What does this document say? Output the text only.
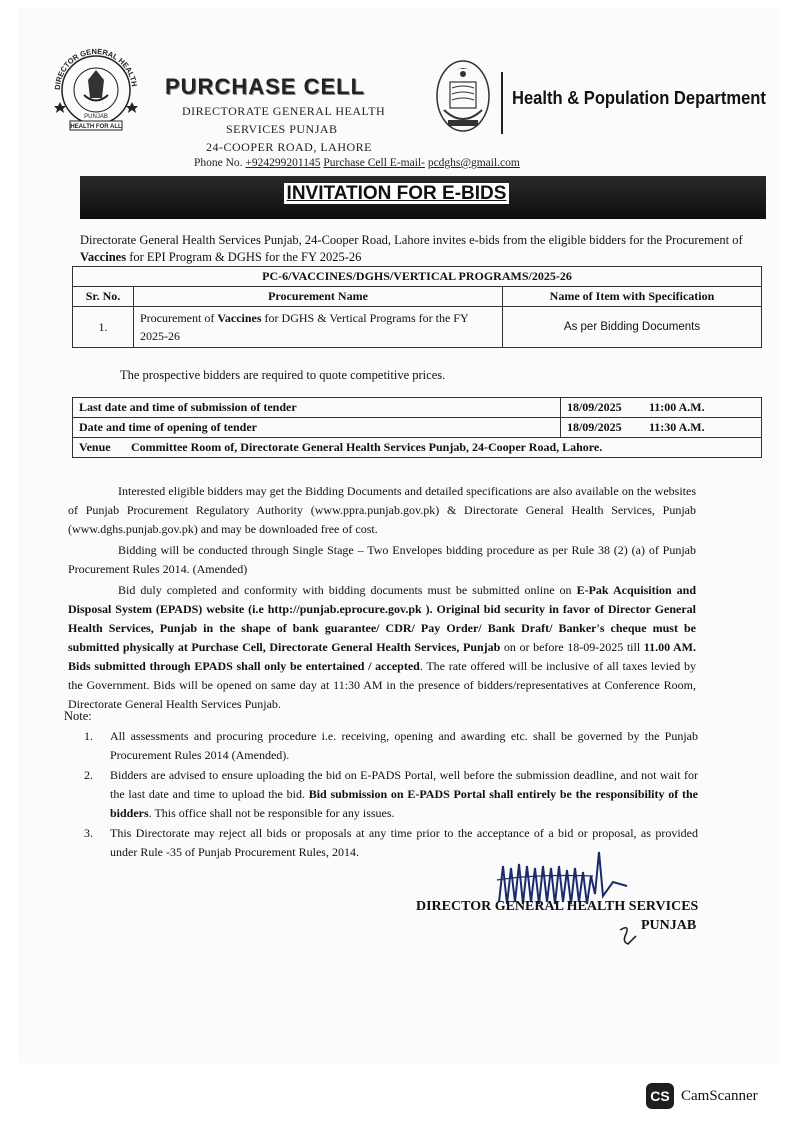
DIRECTOR GENERAL HEALTH
PUNJAB
HEALTH FOR ALL
PURCHASE CELL
DIRECTORATE GENERAL HEALTH
SERVICES PUNJAB
24-COOPER ROAD, LAHORE
Phone No. +924299201145 Purchase Cell E-mail- pcdghs@gmail.com
Health & Population Department
INVITATION FOR E-BIDS
Directorate General Health Services Punjab, 24-Cooper Road, Lahore invites e-bids from the eligible bidders for the Procurement of Vaccines for EPI Program & DGHS for the FY 2025-26
PC-6/VACCINES/DGHS/VERTICAL PROGRAMS/2025-26		
Sr. No.	Procurement Name	Name of Item with Specification
1.	Procurement of Vaccines for DGHS & Vertical Programs for the FY 2025-26	As per Bidding Documents
The prospective bidders are required to quote competitive prices.
Last date and time of submission of tender		18/09/2025	11:00 A.M.
Date and time of opening of tender		18/09/2025	11:30 A.M.
Venue	Committee Room of, Directorate General Health Services Punjab, 24-Cooper Road, Lahore.		

Interested eligible bidders may get the Bidding Documents and detailed specifications are also available on the websites of Punjab Procurement Regulatory Authority (www.ppra.punjab.gov.pk) & Directorate General Health Services, Punjab (www.dghs.punjab.gov.pk) and may be downloaded free of cost.

Bidding will be conducted through Single Stage – Two Envelopes bidding procedure as per Rule 38 (2) (a) of Punjab Procurement Rules 2014. (Amended)

Bid duly completed and conformity with bidding documents must be submitted online on E-Pak Acquisition and Disposal System (EPADS) website (i.e http://punjab.eprocure.gov.pk ). Original bid security in favor of Director General Health Services, Punjab in the shape of bank guarantee/ CDR/ Pay Order/ Bank Draft/ Banker's cheque must be submitted physically at Purchase Cell, Directorate General Health Services, Punjab on or before 18-09-2025 till 11.00 AM. Bids submitted through EPADS shall only be entertained / accepted. The rate offered will be inclusive of all taxes levied by the Government. Bids will be opened on same day at 11:30 AM in the presence of bidders/representatives at Conference Room, Directorate General Health Services Punjab.

Note:
1. All assessments and procuring procedure i.e. receiving, opening and awarding etc. shall be governed by the Punjab Procurement Rules 2014 (Amended).
2. Bidders are advised to ensure uploading the bid on E-PADS Portal, well before the submission deadline, and not wait for the last date and time to upload the bid. Bid submission on E-PADS Portal shall entirely be the responsibility of the bidders. This office shall not be responsible for any issues.
3. This Directorate may reject all bids or proposals at any time prior to the acceptance of a bid or proposal, as provided under Rule -35 of Punjab Procurement Rules, 2014.
DIRECTOR GENERAL HEALTH SERVICES
PUNJAB
CS CamScanner
